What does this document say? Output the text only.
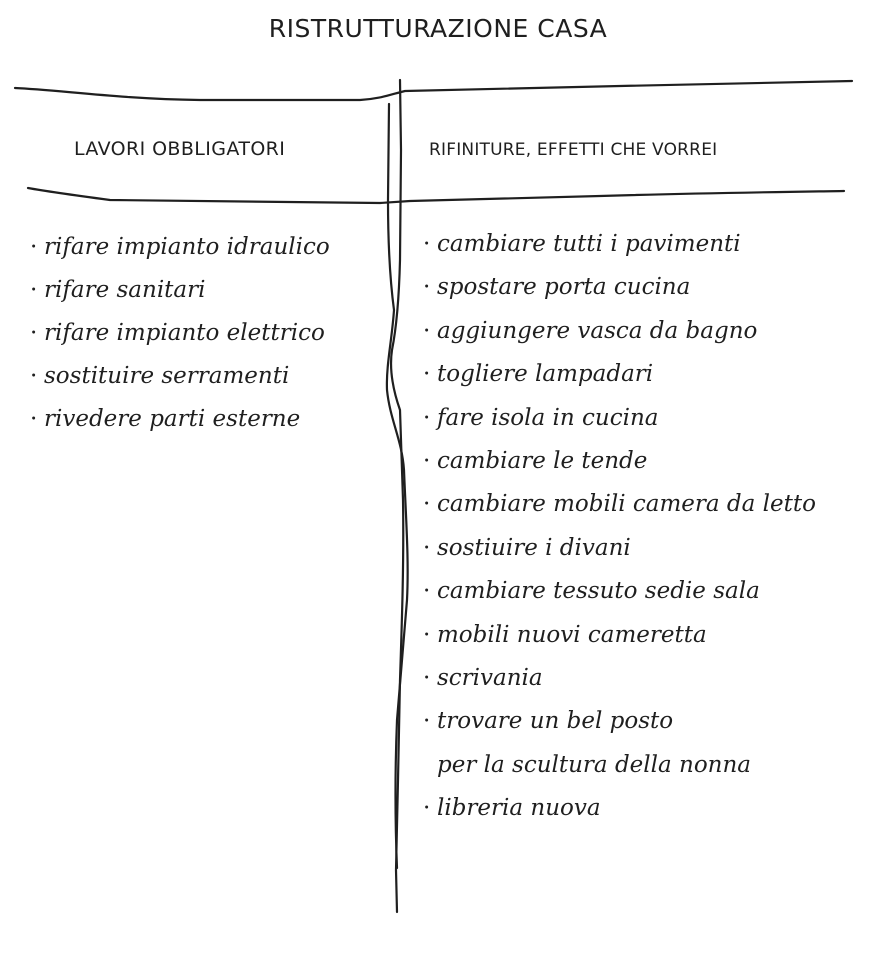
RISTRUTTURAZIONE CASA
LAVORI OBBLIGATORI	RIFINITURE, EFFETTI CHE VORREI
· rifare impianto idraulico
· rifare sanitari
· rifare impianto elettrico
· sostituire serramenti
· rivedere parti esterne
· cambiare tutti i pavimenti
· spostare porta cucina
· aggiungere vasca da bagno
· togliere lampadari
· fare isola in cucina
· cambiare le tende
· cambiare mobili camera da letto
· sostiuire i divani
· cambiare tessuto sedie sala
· mobili nuovi cameretta
· scrivania
· trovare un bel posto
per la scultura della nonna
· libreria nuova
